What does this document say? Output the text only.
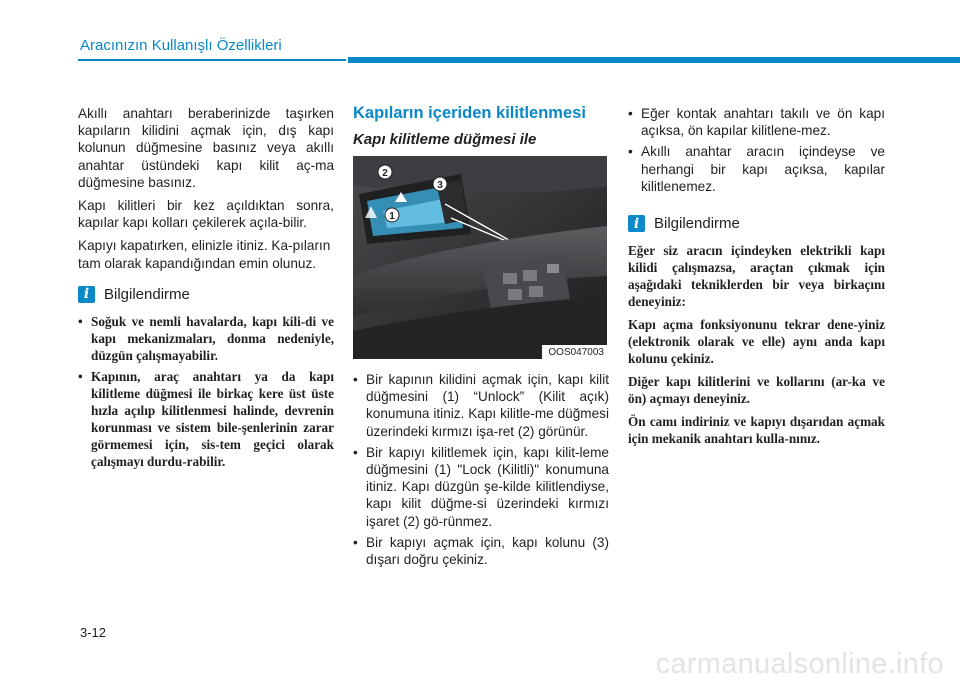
Aracınızın Kullanışlı Özellikleri

Akıllı anahtarı beraberinizde taşırken kapıların kilidini açmak için, dış kapı kolunun düğmesine basınız veya akıllı anahtar üstündeki kapı kilit aç-ma düğmesine basınız.

Kapı kilitleri bir kez açıldıktan sonra, kapılar kapı kolları çekilerek açıla-bilir.

Kapıyı kapatırken, elinizle itiniz. Ka-pıların tam olarak kapandığından emin olunuz.

i Bilgilendirme
• Soğuk ve nemli havalarda, kapı kili-di ve kapı mekanizmaları, donma nedeniyle, düzgün çalışmayabilir.
• Kapının, araç anahtarı ya da kapı kilitleme düğmesi ile birkaç kere üst üste hızla açılıp kilitlenmesi halinde, devrenin korunması ve sistem bile-şenlerinin zarar görmemesi için, sis-tem geçici olarak çalışmayı durdu-rabilir.
Kapıların içeriden kilitlenmesi
Kapı kilitleme düğmesi ile
2
1
3
OOS047003
• Bir kapının kilidini açmak için, kapı kilit düğmesini (1) “Unlock” (Kilit açık) konumuna itiniz. Kapı kilitle-me düğmesi üzerindeki kırmızı işa-ret (2) görünür.
• Bir kapıyı kilitlemek için, kapı kilit-leme düğmesini (1) "Lock (Kilitli)" konumuna itiniz. Kapı düzgün şe-kilde kilitlendiyse, kapı kilit düğme-si üzerindeki kırmızı işaret (2) gö-rünmez.
• Bir kapıyı açmak için, kapı kolunu (3) dışarı doğru çekiniz.
• Eğer kontak anahtarı takılı ve ön kapı açıksa, ön kapılar kilitlene-mez.
• Akıllı anahtar aracın içindeyse ve herhangi bir kapı açıksa, kapılar kilitlenemez.
i Bilgilendirme

Eğer siz aracın içindeyken elektrikli kapı kilidi çalışmazsa, araçtan çıkmak için aşağıdaki tekniklerden bir veya birkaçını deneyiniz:

Kapı açma fonksiyonunu tekrar dene-yiniz (elektronik olarak ve elle) aynı anda kapı kolunu çekiniz.

Diğer kapı kilitlerini ve kollarını (ar-ka ve ön) açmayı deneyiniz.

Ön camı indiriniz ve kapıyı dışarıdan açmak için mekanik anahtarı kulla-nınız.

3-12
carmanualsonline.info
